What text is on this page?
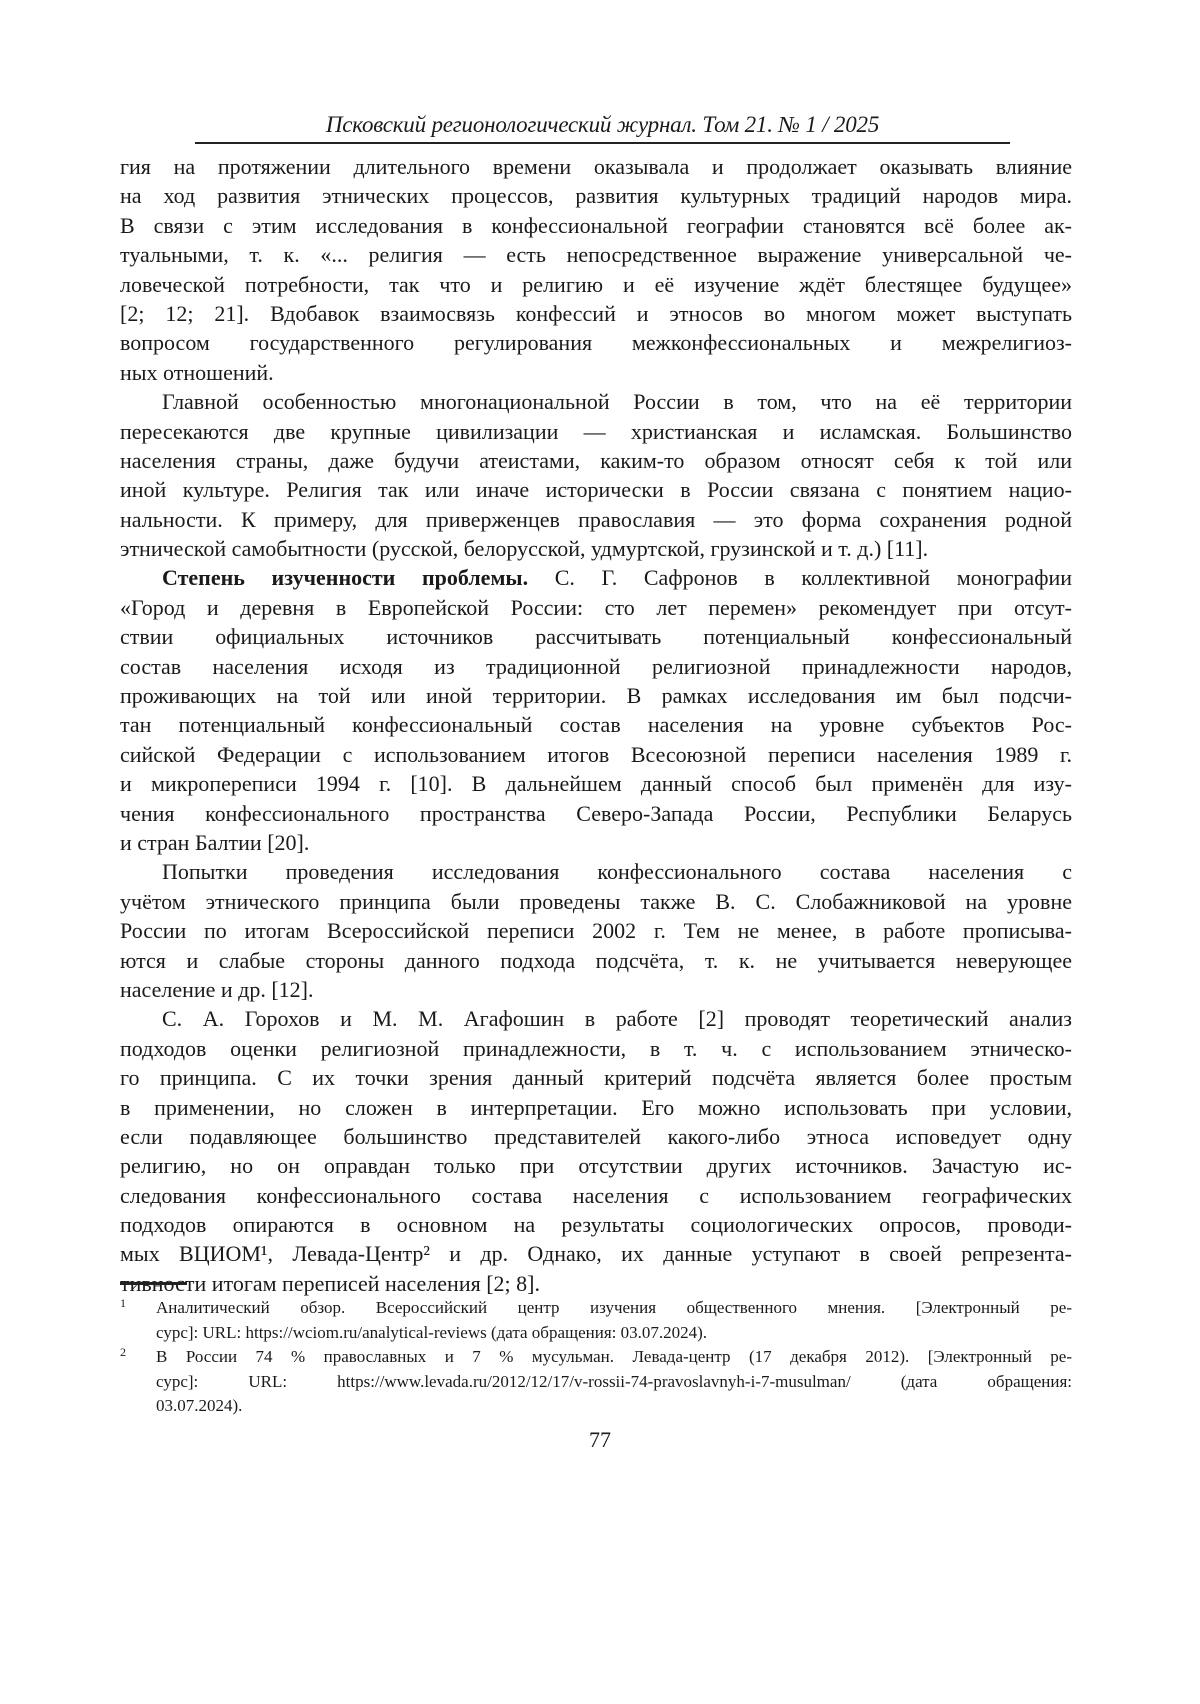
Псковский регионологический журнал. Том 21. № 1 / 2025
гия на протяжении длительного времени оказывала и продолжает оказывать влияние
на ход развития этнических процессов, развития культурных традиций народов мира.
В связи с этим исследования в конфессиональной географии становятся всё более ак-
туальными, т. к. «... религия — есть непосредственное выражение универсальной че-
ловеческой потребности, так что и религию и её изучение ждёт блестящее будущее»
[2; 12; 21]. Вдобавок взаимосвязь конфессий и этносов во многом может выступать
вопросом государственного регулирования межконфессиональных и межрелигиоз-
ных отношений.
Главной особенностью многонациональной России в том, что на её территории
пересекаются две крупные цивилизации — христианская и исламская. Большинство
населения страны, даже будучи атеистами, каким-то образом относят себя к той или
иной культуре. Религия так или иначе исторически в России связана с понятием нацио-
нальности. К примеру, для приверженцев православия — это форма сохранения родной
этнической самобытности (русской, белорусской, удмуртской, грузинской и т. д.) [11].
Степень изученности проблемы. С. Г. Сафронов в коллективной монографии
«Город и деревня в Европейской России: сто лет перемен» рекомендует при отсут-
ствии официальных источников рассчитывать потенциальный конфессиональный
состав населения исходя из традиционной религиозной принадлежности народов,
проживающих на той или иной территории. В рамках исследования им был подсчи-
тан потенциальный конфессиональный состав населения на уровне субъектов Рос-
сийской Федерации с использованием итогов Всесоюзной переписи населения 1989 г.
и микропереписи 1994 г. [10]. В дальнейшем данный способ был применён для изу-
чения конфессионального пространства Северо-Запада России, Республики Беларусь
и стран Балтии [20].
Попытки проведения исследования конфессионального состава населения с
учётом этнического принципа были проведены также В. С. Слобажниковой на уровне
России по итогам Всероссийской переписи 2002 г. Тем не менее, в работе прописыва-
ются и слабые стороны данного подхода подсчёта, т. к. не учитывается неверующее
население и др. [12].
С. А. Горохов и М. М. Агафошин в работе [2] проводят теоретический анализ
подходов оценки религиозной принадлежности, в т. ч. с использованием этническо-
го принципа. С их точки зрения данный критерий подсчёта является более простым
в применении, но сложен в интерпретации. Его можно использовать при условии,
если подавляющее большинство представителей какого-либо этноса исповедует одну
религию, но он оправдан только при отсутствии других источников. Зачастую ис-
следования конфессионального состава населения с использованием географических
подходов опираются в основном на результаты социологических опросов, проводи-
мых ВЦИОМ¹, Левада-Центр² и др. Однако, их данные уступают в своей репрезента-
тивности итогам переписей населения [2; 8].
1 Аналитический обзор. Всероссийский центр изучения общественного мнения. [Электронный ре-
сурс]: URL: https://wciom.ru/analytical-reviews (дата обращения: 03.07.2024).
2 В России 74 % православных и 7 % мусульман. Левада-центр (17 декабря 2012). [Электронный ре-
сурс]: URL: https://www.levada.ru/2012/12/17/v-rossii-74-pravoslavnyh-i-7-musulman/ (дата обращения:
03.07.2024).
77
